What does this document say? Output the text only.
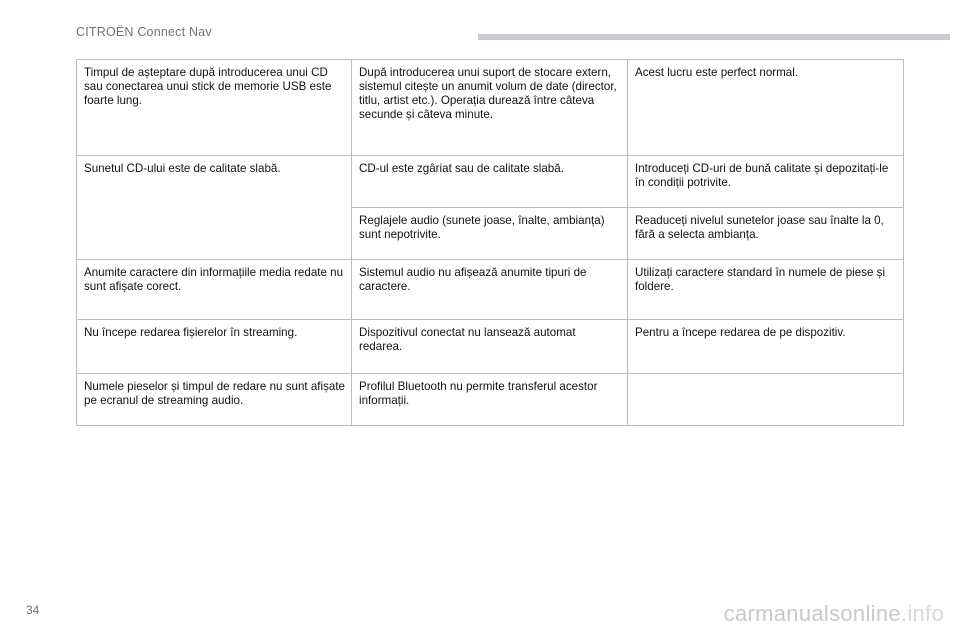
CITROËN Connect Nav
Timpul de așteptare după introducerea unui CD sau conectarea unui stick de memorie USB este foarte lung.	După introducerea unui suport de stocare extern, sistemul citește un anumit volum de date (director, titlu, artist etc.). Operația durează între câteva secunde și câteva minute.	Acest lucru este perfect normal.
Sunetul CD-ului este de calitate slabă.	CD-ul este zgâriat sau de calitate slabă.	Introduceți CD-uri de bună calitate și depozitați-le în condiții potrivite.
	Reglajele audio (sunete joase, înalte, ambianța) sunt nepotrivite.	Readuceți nivelul sunetelor joase sau înalte la 0, fără a selecta ambianța.
Anumite caractere din informațiile media redate nu sunt afișate corect.	Sistemul audio nu afișează anumite tipuri de caractere.	Utilizați caractere standard în numele de piese și foldere.
Nu începe redarea fișierelor în streaming.	Dispozitivul conectat nu lansează automat redarea.	Pentru a începe redarea de pe dispozitiv.
Numele pieselor și timpul de redare nu sunt afișate pe ecranul de streaming audio.	Profilul Bluetooth nu permite transferul acestor informații.	
34	carmanualsonline.info
